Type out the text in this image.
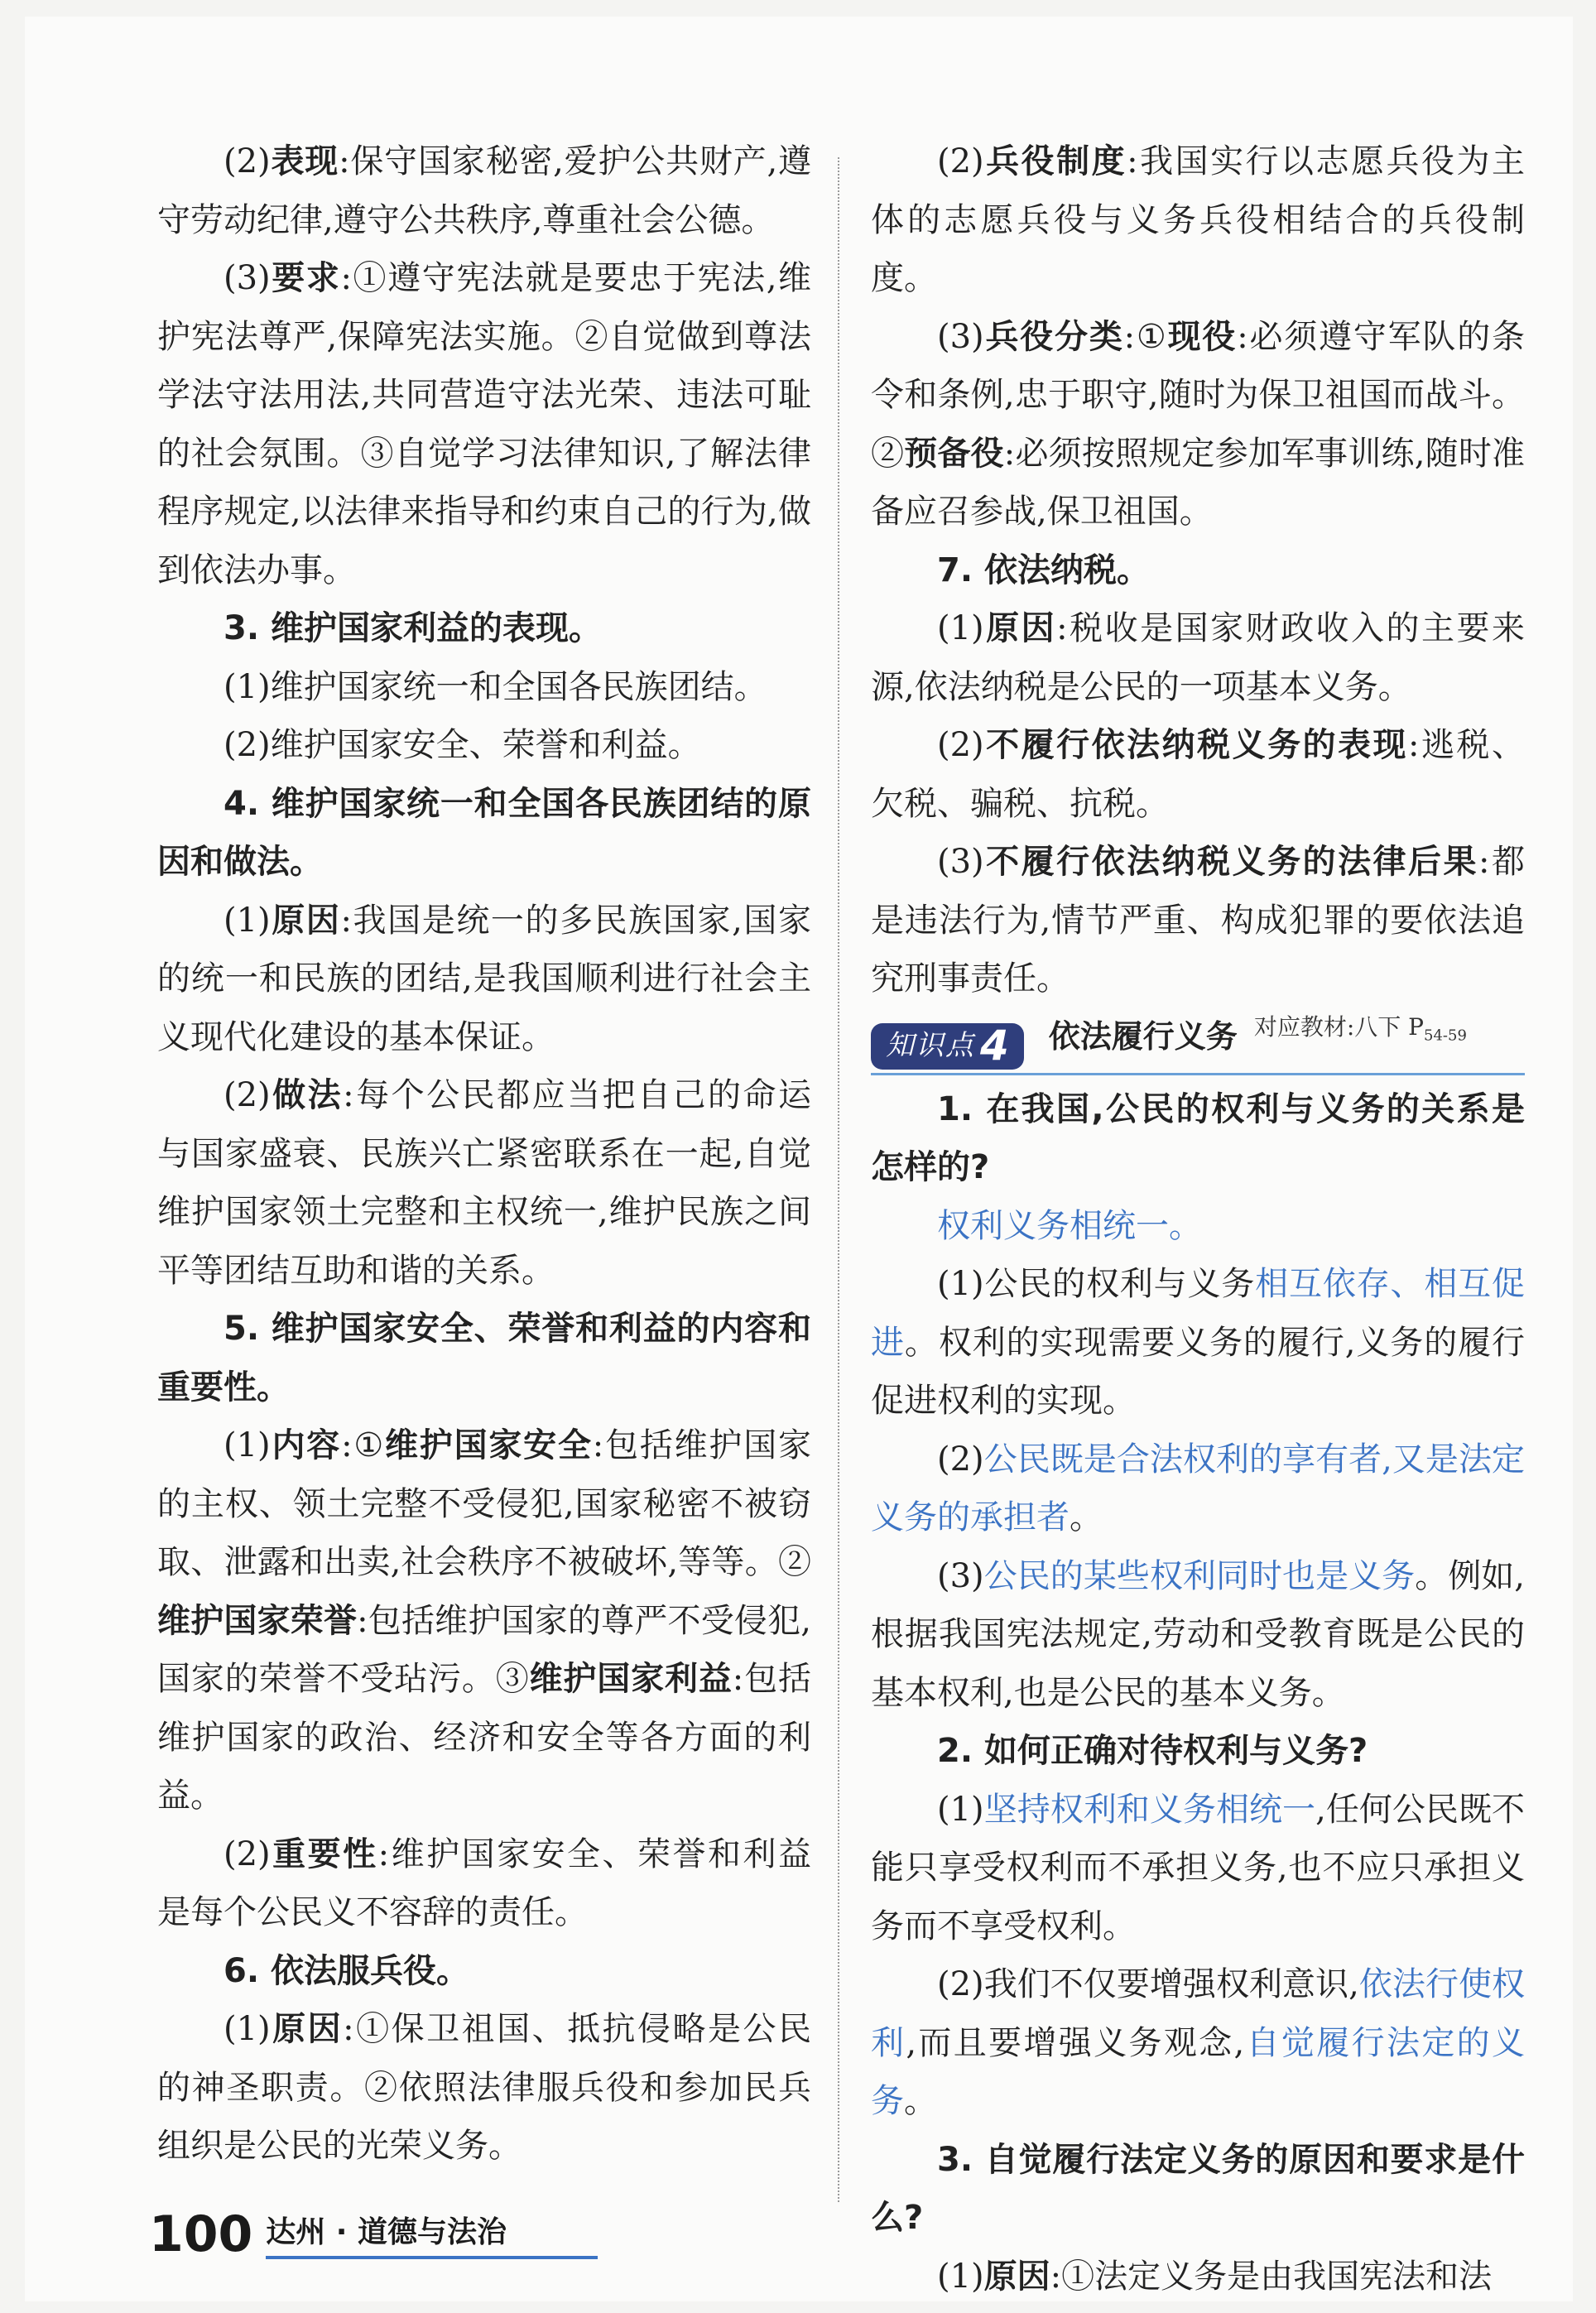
(2)表现:保守国家秘密,爱护公共财产,遵守劳动纪律,遵守公共秩序,尊重社会公德。

(3)要求:①遵守宪法就是要忠于宪法,维护宪法尊严,保障宪法实施。②自觉做到尊法学法守法用法,共同营造守法光荣、违法可耻的社会氛围。③自觉学习法律知识,了解法律程序规定,以法律来指导和约束自己的行为,做到依法办事。

3. 维护国家利益的表现。

(1)维护国家统一和全国各民族团结。

(2)维护国家安全、荣誉和利益。

4. 维护国家统一和全国各民族团结的原因和做法。

(1)原因:我国是统一的多民族国家,国家的统一和民族的团结,是我国顺利进行社会主义现代化建设的基本保证。

(2)做法:每个公民都应当把自己的命运与国家盛衰、民族兴亡紧密联系在一起,自觉维护国家领土完整和主权统一,维护民族之间平等团结互助和谐的关系。

5. 维护国家安全、荣誉和利益的内容和重要性。

(1)内容:①维护国家安全:包括维护国家的主权、领土完整不受侵犯,国家秘密不被窃取、泄露和出卖,社会秩序不被破坏,等等。②维护国家荣誉:包括维护国家的尊严不受侵犯,国家的荣誉不受玷污。③维护国家利益:包括维护国家的政治、经济和安全等各方面的利益。

(2)重要性:维护国家安全、荣誉和利益是每个公民义不容辞的责任。

6. 依法服兵役。

(1)原因:①保卫祖国、抵抗侵略是公民的神圣职责。②依照法律服兵役和参加民兵组织是公民的光荣义务。

(2)兵役制度:我国实行以志愿兵役为主体的志愿兵役与义务兵役相结合的兵役制度。

(3)兵役分类:①现役:必须遵守军队的条令和条例,忠于职守,随时为保卫祖国而战斗。②预备役:必须按照规定参加军事训练,随时准备应召参战,保卫祖国。

7. 依法纳税。

(1)原因:税收是国家财政收入的主要来源,依法纳税是公民的一项基本义务。

(2)不履行依法纳税义务的表现:逃税、欠税、骗税、抗税。

(3)不履行依法纳税义务的法律后果:都是违法行为,情节严重、构成犯罪的要依法追究刑事责任。

知识点 4 依法履行义务 对应教材:八下 $P_{54-59}$

1. 在我国,公民的权利与义务的关系是怎样的?

权利义务相统一。

(1)公民的权利与义务相互依存、相互促进。权利的实现需要义务的履行,义务的履行促进权利的实现。

(2)公民既是合法权利的享有者,又是法定义务的承担者。

(3)公民的某些权利同时也是义务。例如,根据我国宪法规定,劳动和受教育既是公民的基本权利,也是公民的基本义务。

2. 如何正确对待权利与义务?

(1)坚持权利和义务相统一,任何公民既不能只享受权利而不承担义务,也不应只承担义务而不享受权利。

(2)我们不仅要增强权利意识,依法行使权利,而且要增强义务观念,自觉履行法定的义务。

3. 自觉履行法定义务的原因和要求是什么?

(1)原因:①法定义务是由我国宪法和法

100 达州 · 道德与法治
